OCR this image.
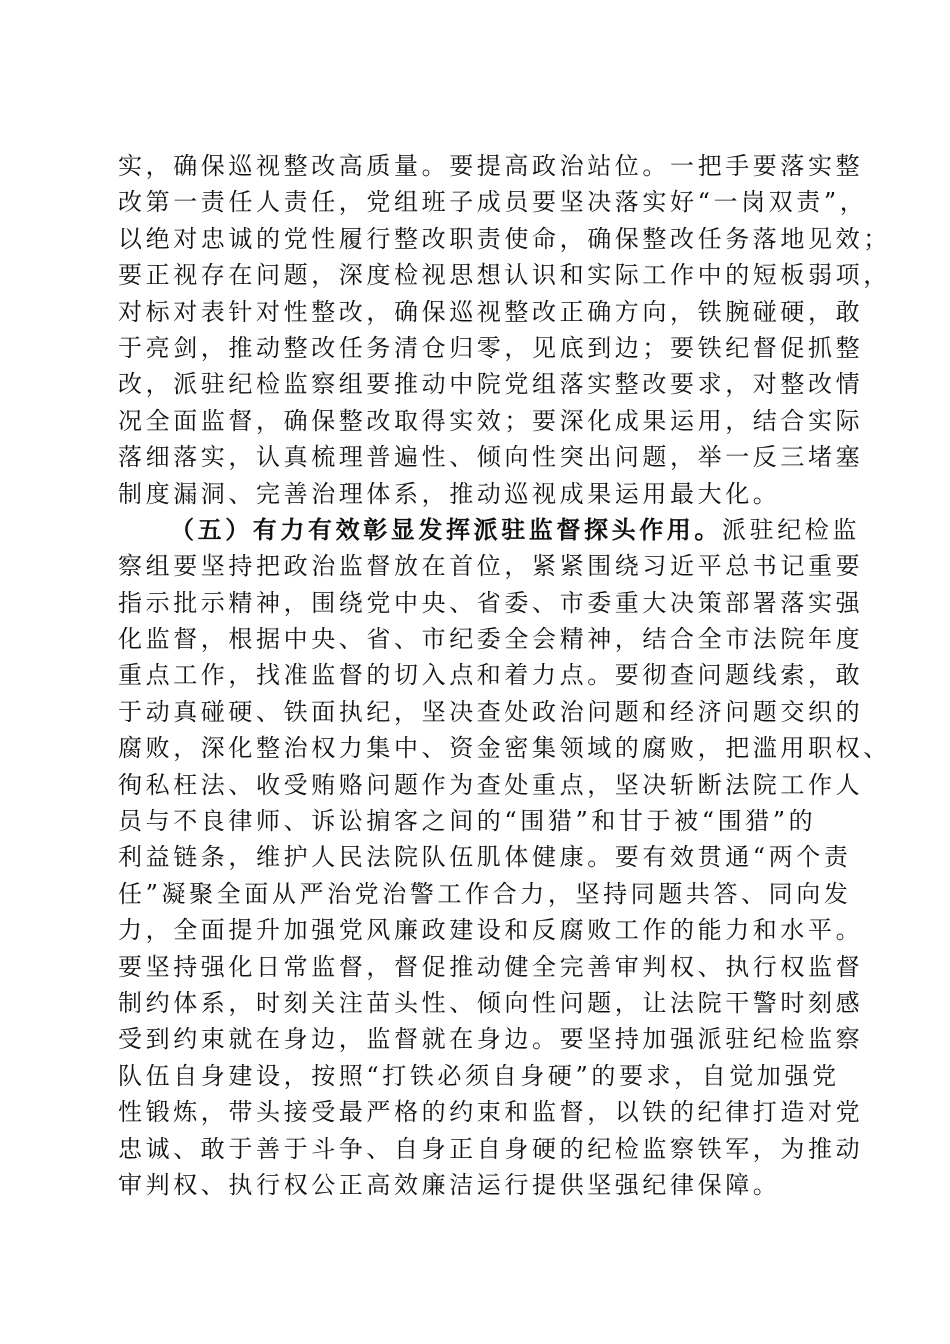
实，确保巡视整改高质量。要提高政治站位。一把手要落实整
改第一责任人责任，党组班子成员要坚决落实好“一岗双责”，
以绝对忠诚的党性履行整改职责使命，确保整改任务落地见效；
要正视存在问题，深度检视思想认识和实际工作中的短板弱项，
对标对表针对性整改，确保巡视整改正确方向，铁腕碰硬，敢
于亮剑，推动整改任务清仓归零，见底到边；要铁纪督促抓整
改，派驻纪检监察组要推动中院党组落实整改要求，对整改情
况全面监督，确保整改取得实效；要深化成果运用，结合实际
落细落实，认真梳理普遍性、倾向性突出问题，举一反三堵塞
制度漏洞、完善治理体系，推动巡视成果运用最大化。
（五）有力有效彰显发挥派驻监督探头作用。派驻纪检监
察组要坚持把政治监督放在首位，紧紧围绕习近平总书记重要
指示批示精神，围绕党中央、省委、市委重大决策部署落实强
化监督，根据中央、省、市纪委全会精神，结合全市法院年度
重点工作，找准监督的切入点和着力点。要彻查问题线索，敢
于动真碰硬、铁面执纪，坚决查处政治问题和经济问题交织的
腐败，深化整治权力集中、资金密集领域的腐败，把滥用职权、
徇私枉法、收受贿赂问题作为查处重点，坚决斩断法院工作人
员与不良律师、诉讼掮客之间的“围猎”和甘于被“围猎”的
利益链条，维护人民法院队伍肌体健康。要有效贯通“两个责
任”凝聚全面从严治党治警工作合力，坚持同题共答、同向发
力，全面提升加强党风廉政建设和反腐败工作的能力和水平。
要坚持强化日常监督，督促推动健全完善审判权、执行权监督
制约体系，时刻关注苗头性、倾向性问题，让法院干警时刻感
受到约束就在身边，监督就在身边。要坚持加强派驻纪检监察
队伍自身建设，按照“打铁必须自身硬”的要求，自觉加强党
性锻炼，带头接受最严格的约束和监督，以铁的纪律打造对党
忠诚、敢于善于斗争、自身正自身硬的纪检监察铁军，为推动
审判权、执行权公正高效廉洁运行提供坚强纪律保障。
